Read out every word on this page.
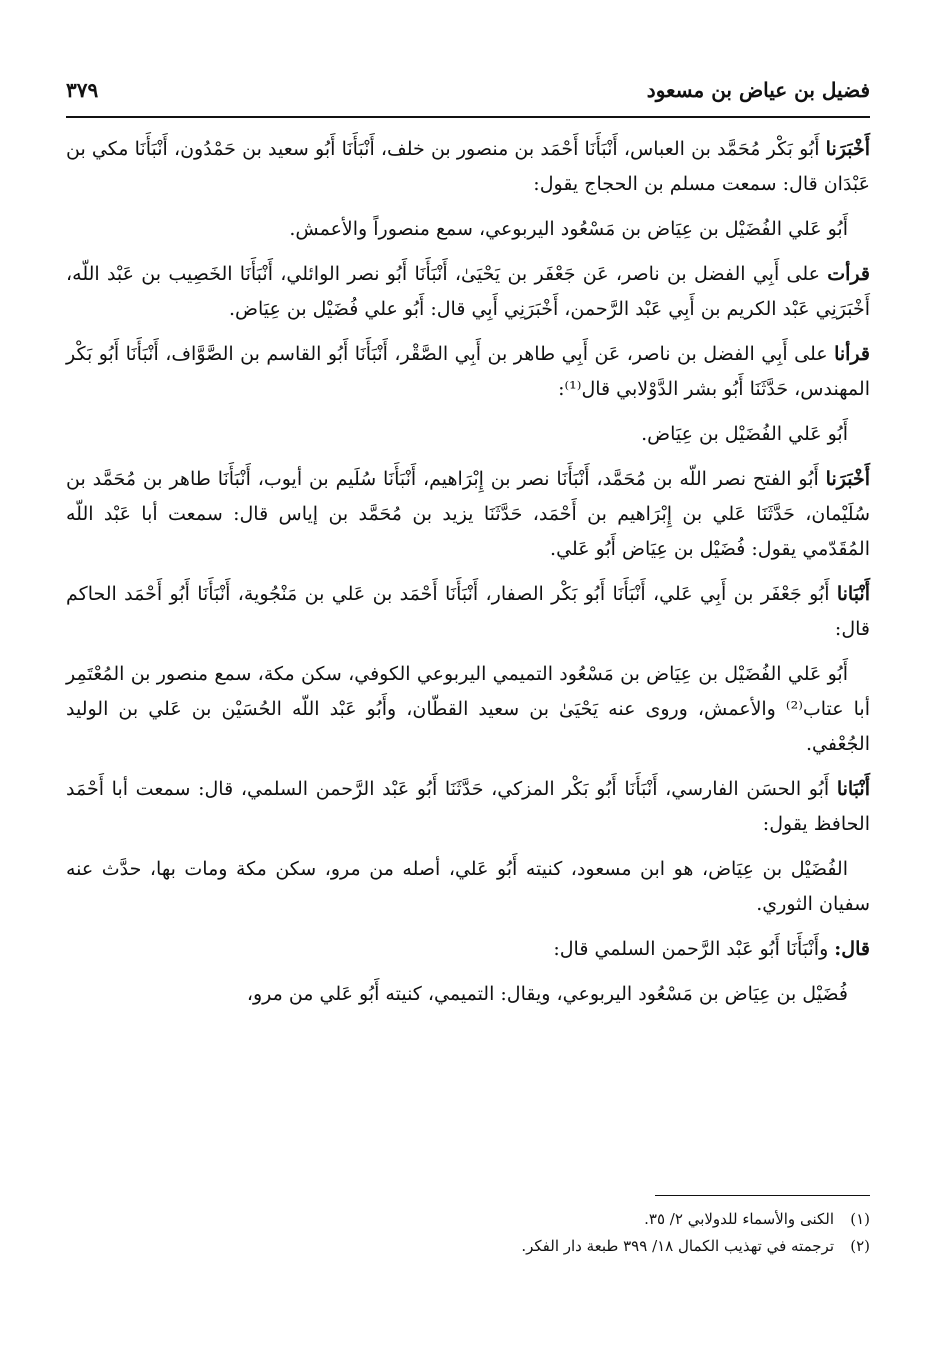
فضيل بن عياض بن مسعود
٣٧٩

أَخْبَرَنا أَبُو بَكْر مُحَمَّد بن العباس، أَنْبَأَنَا أَحْمَد بن منصور بن خلف، أَنْبَأَنَا أَبُو سعيد بن حَمْدُون، أَنْبَأَنَا مكي بن عَبْدَان قال: سمعت مسلم بن الحجاج يقول:

أَبُو عَلي الفُضَيْل بن عِيَاض بن مَسْعُود اليربوعي، سمع منصوراً والأعمش.

قرأت على أَبِي الفضل بن ناصر، عَن جَعْفَر بن يَحْيَىٰ، أَنْبَأَنَا أَبُو نصر الوائلي، أَنْبَأَنَا الخَصِيب بن عَبْد اللّه، أَخْبَرَنِي عَبْد الكريم بن أَبِي عَبْد الرَّحمن، أَخْبَرَنِي أَبِي قال: أَبُو علي فُضَيْل بن عِيَاض.

قرأنا على أَبِي الفضل بن ناصر، عَن أَبِي طاهر بن أَبِي الصَّقْر، أَنْبَأَنَا أَبُو القاسم بن الصَّوَّاف، أَنْبَأَنَا أَبُو بَكْر المهندس، حَدَّثَنَا أَبُو بشر الدَّوْلابي قال⁽¹⁾:

أَبُو عَلي الفُضَيْل بن عِيَاض.

أَخْبَرَنا أَبُو الفتح نصر اللّه بن مُحَمَّد، أَنْبَأَنَا نصر بن إِبْرَاهيم، أَنْبَأَنَا سُلَيم بن أيوب، أَنْبَأَنَا طاهر بن مُحَمَّد بن سُلَيْمان، حَدَّثَنَا عَلي بن إِبْرَاهيم بن أَحْمَد، حَدَّثَنَا يزيد بن مُحَمَّد بن إياس قال: سمعت أبا عَبْد اللّه المُقَدّمي يقول: فُضَيْل بن عِيَاض أَبُو عَلي.

أَنْبَانا أَبُو جَعْفَر بن أَبِي عَلي، أَنْبَأَنَا أَبُو بَكْر الصفار، أَنْبَأَنَا أَحْمَد بن عَلي بن مَنْجُوية، أَنْبَأَنَا أَبُو أَحْمَد الحاكم قال:

أَبُو عَلي الفُضَيْل بن عِيَاض بن مَسْعُود التميمي اليربوعي الكوفي، سكن مكة، سمع منصور بن المُعْتَمِر أبا عتاب⁽²⁾ والأعمش، وروى عنه يَحْيَىٰ بن سعيد القطّان، وأَبُو عَبْد اللّه الحُسَيْن بن عَلي بن الوليد الجُعْفي.

أَنْبَانا أَبُو الحسَن الفارسي، أَنْبَأَنَا أَبُو بَكْر المزكي، حَدَّثَنَا أَبُو عَبْد الرَّحمن السلمي، قال: سمعت أبا أَحْمَد الحافظ يقول:

الفُضَيْل بن عِيَاض، هو ابن مسعود، كنيته أَبُو عَلي، أصله من مرو، سكن مكة ومات بها، حدَّث عنه سفيان الثوري.

قال: وأَنْبَأَنَا أَبُو عَبْد الرَّحمن السلمي قال:

فُضَيْل بن عِيَاض بن مَسْعُود اليربوعي، ويقال: التميمي، كنيته أَبُو عَلي من مرو،

(١)الكنى والأسماء للدولابي ٢/ ٣٥.
(٢)ترجمته في تهذيب الكمال ١٨/ ٣٩٩ طبعة دار الفكر.
